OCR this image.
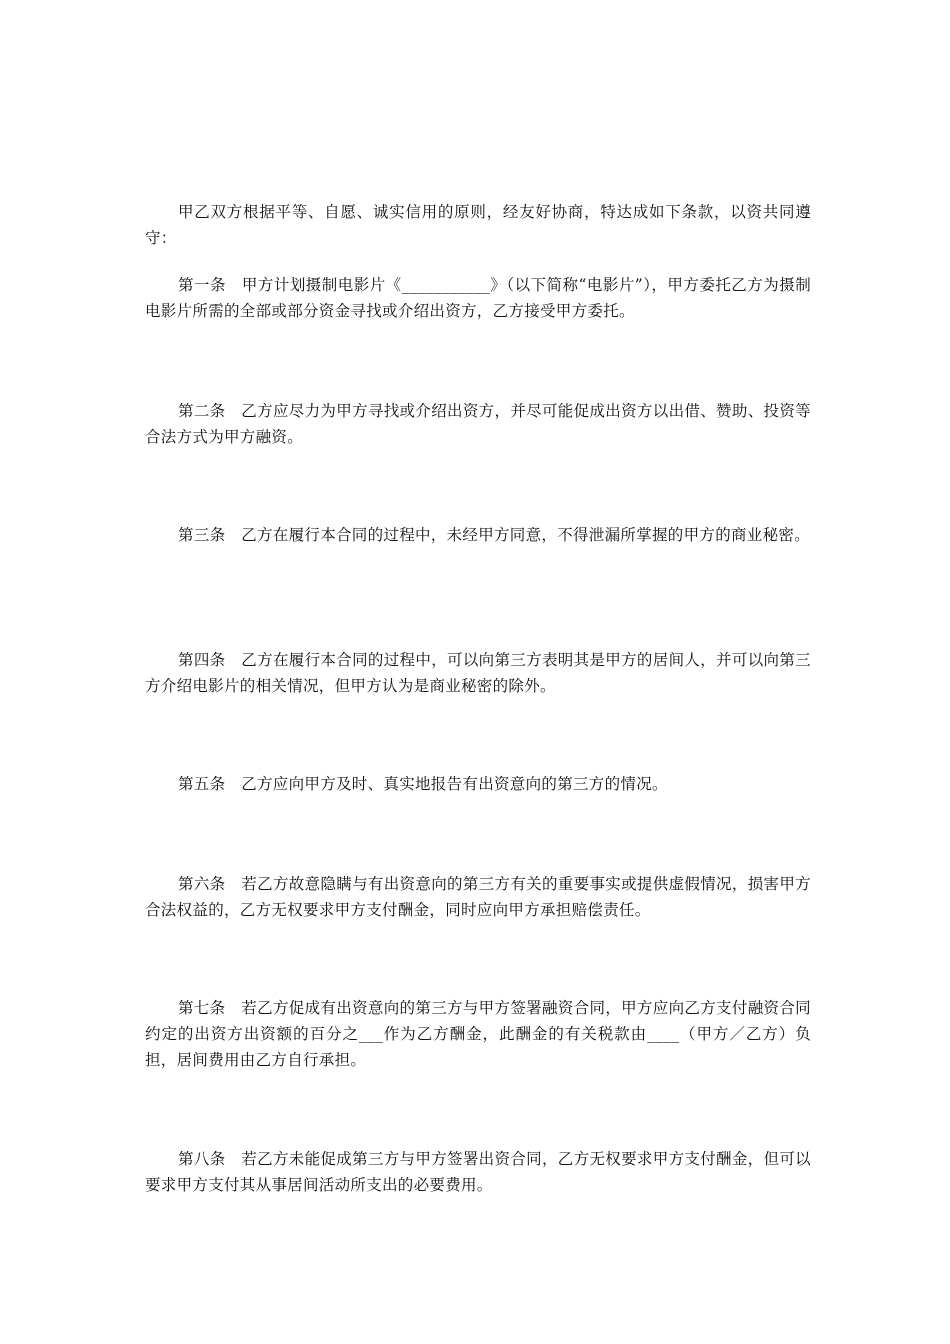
甲乙双方根据平等、自愿、诚实信用的原则，经友好协商，特达成如下条款，以资共同遵守：

第一条　甲方计划摄制电影片《___________》（以下简称“电影片”），甲方委托乙方为摄制电影片所需的全部或部分资金寻找或介绍出资方，乙方接受甲方委托。

第二条　乙方应尽力为甲方寻找或介绍出资方，并尽可能促成出资方以出借、赞助、投资等合法方式为甲方融资。

第三条　乙方在履行本合同的过程中，未经甲方同意，不得泄漏所掌握的甲方的商业秘密。

第四条　乙方在履行本合同的过程中，可以向第三方表明其是甲方的居间人，并可以向第三方介绍电影片的相关情况，但甲方认为是商业秘密的除外。

第五条　乙方应向甲方及时、真实地报告有出资意向的第三方的情况。

第六条　若乙方故意隐瞒与有出资意向的第三方有关的重要事实或提供虚假情况，损害甲方合法权益的，乙方无权要求甲方支付酬金，同时应向甲方承担赔偿责任。

第七条　若乙方促成有出资意向的第三方与甲方签署融资合同，甲方应向乙方支付融资合同约定的出资方出资额的百分之___作为乙方酬金，此酬金的有关税款由____（甲方／乙方）负担，居间费用由乙方自行承担。

第八条　若乙方未能促成第三方与甲方签署出资合同，乙方无权要求甲方支付酬金，但可以要求甲方支付其从事居间活动所支出的必要费用。
